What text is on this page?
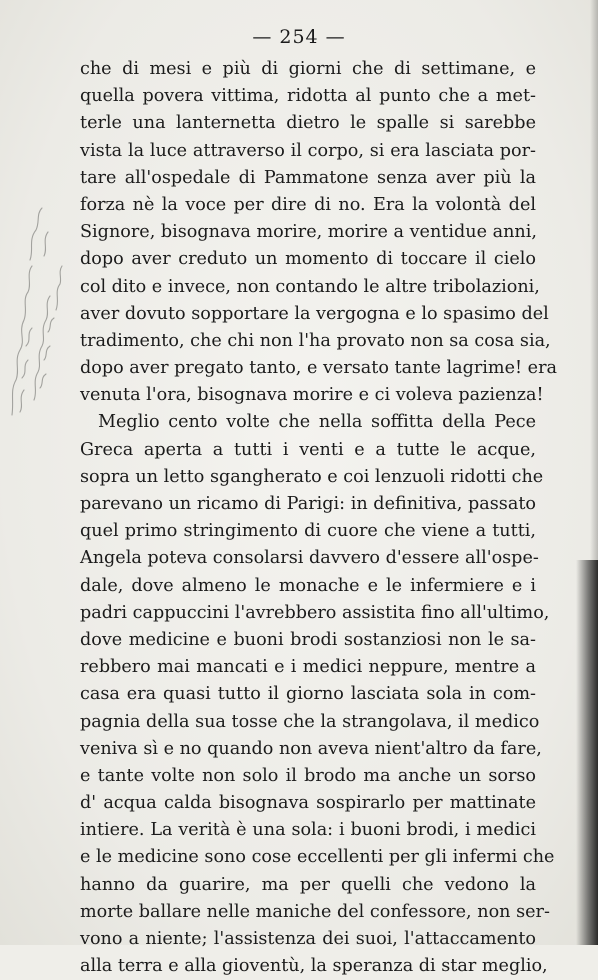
— 254 —
che di mesi e più di giorni che di settimane, e
quella povera vittima, ridotta al punto che a met-
terle una lanternetta dietro le spalle si sarebbe
vista la luce attraverso il corpo, si era lasciata por-
tare all'ospedale di Pammatone senza aver più la
forza nè la voce per dire di no. Era la volontà del
Signore, bisognava morire, morire a ventidue anni,
dopo aver creduto un momento di toccare il cielo
col dito e invece, non contando le altre tribolazioni,
aver dovuto sopportare la vergogna e lo spasimo del
tradimento, che chi non l'ha provato non sa cosa sia,
dopo aver pregato tanto, e versato tante lagrime! era
venuta l'ora, bisognava morire e ci voleva pazienza!
Meglio cento volte che nella soffitta della Pece
Greca aperta a tutti i venti e a tutte le acque,
sopra un letto sgangherato e coi lenzuoli ridotti che
parevano un ricamo di Parigi: in definitiva, passato
quel primo stringimento di cuore che viene a tutti,
Angela poteva consolarsi davvero d'essere all'ospe-
dale, dove almeno le monache e le infermiere e i
padri cappuccini l'avrebbero assistita fino all'ultimo,
dove medicine e buoni brodi sostanziosi non le sa-
rebbero mai mancati e i medici neppure, mentre a
casa era quasi tutto il giorno lasciata sola in com-
pagnia della sua tosse che la strangolava, il medico
veniva sì e no quando non aveva nient'altro da fare,
e tante volte non solo il brodo ma anche un sorso
d' acqua calda bisognava sospirarlo per mattinate
intiere. La verità è una sola: i buoni brodi, i medici
e le medicine sono cose eccellenti per gli infermi che
hanno da guarire, ma per quelli che vedono la
morte ballare nelle maniche del confessore, non ser-
vono a niente; l'assistenza dei suoi, l'attaccamento
alla terra e alla gioventù, la speranza di star meglio,
